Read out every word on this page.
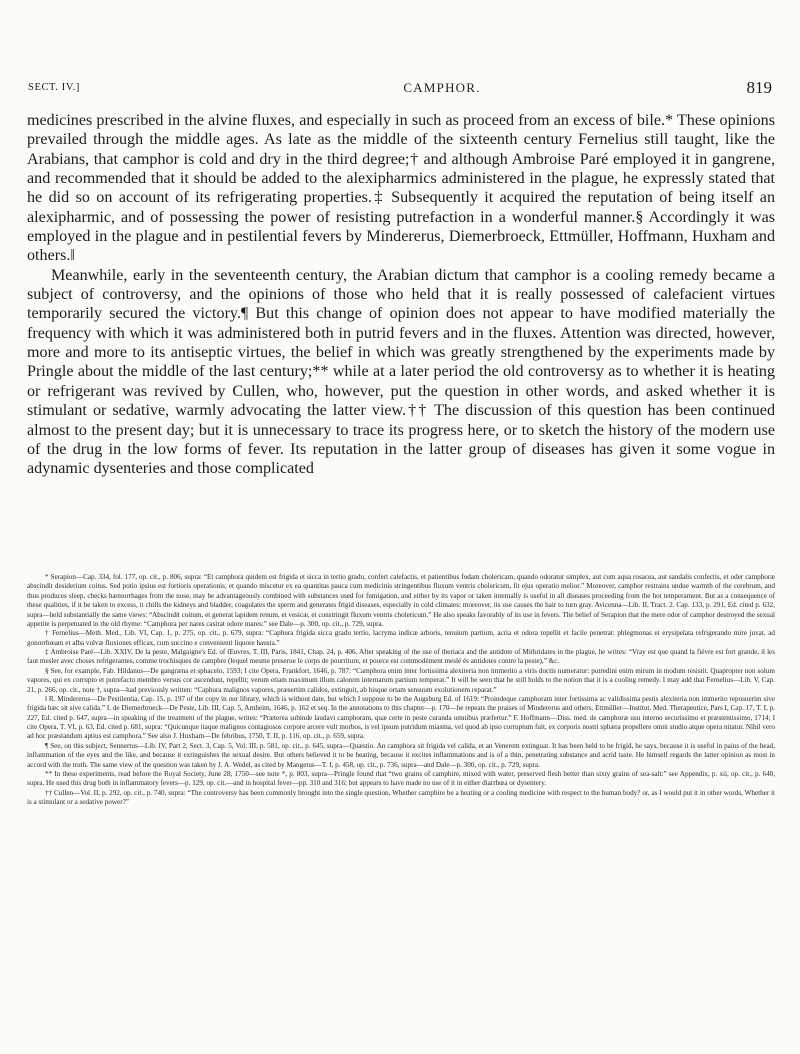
SECT. IV.]	CAMPHOR.	819

medicines prescribed in the alvine fluxes, and especially in such as proceed from an excess of bile.* These opinions prevailed through the middle ages. As late as the middle of the sixteenth century Fernelius still taught, like the Arabians, that camphor is cold and dry in the third degree;† and although Ambroise Paré employed it in gangrene, and recommended that it should be added to the alexipharmics administered in the plague, he expressly stated that he did so on account of its refrigerating properties.‡ Subsequently it acquired the reputation of being itself an alexipharmic, and of possessing the power of resisting putrefaction in a wonderful manner.§ Accordingly it was employed in the plague and in pestilential fevers by Mindererus, Diemerbroeck, Ettmüller, Hoffmann, Huxham and others.‖

Meanwhile, early in the seventeenth century, the Arabian dictum that camphor is a cooling remedy became a subject of controversy, and the opinions of those who held that it is really possessed of calefacient virtues temporarily secured the victory.¶ But this change of opinion does not appear to have modified materially the frequency with which it was administered both in putrid fevers and in the fluxes. Attention was directed, however, more and more to its antiseptic virtues, the belief in which was greatly strengthened by the experiments made by Pringle about the middle of the last century;** while at a later period the old controversy as to whether it is heating or refrigerant was revived by Cullen, who, however, put the question in other words, and asked whether it is stimulant or sedative, warmly advocating the latter view.†† The discussion of this question has been continued almost to the present day; but it is unnecessary to trace its progress here, or to sketch the history of the modern use of the drug in the low forms of fever. Its reputation in the latter group of diseases has given it some vogue in adynamic dysenteries and those complicated

* Serapion—Cap. 334, fol. 177, op. cit., p. 806, supra: “Et camphora quidem est frigida et sicca in tertio gradu, confert calefactis, et patientibus fodam cholericam, quando odoratur simplex, aut cum aqua rosacea, aut sandalis confectis, et oder camphoræ abscindit desiderium coitus. Sed potio ipsius est fortioris operationis, et quando miscetur ex ea quantitas pauca cum medicinis stringentibus fluxum ventris cholericum, fit ejus operatio melior.” Moreover, camphor restrains undue warmth of the cerebrum, and thus produces sleep, checks hæmorrhages from the nose, may be advantageously combined with substances used for fumigation, and either by its vapor or taken internally is useful in all diseases proceeding from the hot temperament. But as a consequence of these qualities, if it be taken to excess, it chills the kidneys and bladder, coagulates the sperm and generates frigid diseases, especially in cold climates: moreover, its use causes the hair to turn gray. Avicenna—Lib. II, Tract. 2. Cap. 133, p. 291, Ed. cited p. 632, supra—held substantially the same views: “Abscindit coitum, et generat lapidem renum, et vesicæ, et constringit fluxum ventris cholericum.” He also speaks favorably of its use in fevers. The belief of Serapion that the mere odor of camphor destroyed the sexual appetite is perpetuated in the old rhyme: “Camphora per nares castrat odore mares:” see Dale—p. 300, op. cit., p. 729, supra.

† Fernelius—Meth. Med., Lib. VI, Cap. 1, p. 275, op. cit., p. 679, supra: “Caphura frigida sicca gradu tertio, lacryma indicæ arboris, tenuium partium, acria et odora repellit et facile penetrat: phlegmonas et erysipelata refrigerando mire juvat, ad gonorrhœam et alba vulvæ fluxiones efficax, cum succino e convenienti liquore hausta.”

‡ Ambroise Paré—Lib. XXIV, De la peste, Malgaigne's Ed. of Œuvres, T. III, Paris, 1841, Chap. 24, p. 406. After speaking of the use of theriaca and the antidote of Mithridates in the plague, he writes: “Vray est que quand la fiévre est fort grande, il les faut mesler avec choses refrigerantes, comme trochisques de camphre (lequel mesme preserue le corps de pourriture, et pource est commodément meslé és antidotes contre la peste),” &c.

§ See, for example, Fab. Hildanus—De gangræna et sphacelo, 1593; I cite Opera, Frankfort, 1646, p. 787: “Camphora enim inter fortissima alexiteria non immerito a viris doctis numeratur: putredini enim mirum in modum resistit. Quapropter non solum vapores, qui ex corrupto et putrefacto membro versus cor ascendunt, repellit; verum etiam maximum illum calorem internarum partium temperat.” It will be seen that he still holds to the notion that it is a cooling remedy. I may add that Fernelius—Lib. V, Cap. 21, p. 266, op. cit., note †, supra—had previously written: “Caphura malignos vapores, præsertim calidos, extinguit, ab hisque ortam sensuum exolutionem reparat.”

‖ R. Mindererus—De Pestilentia, Cap. 15, p. 197 of the copy in our library, which is without date, but which I suppose to be the Augsburg Ed. of 1619: “Proindeque camphoram inter fortissima ac validissima pestis alexiteria non immerito reposuerim sive frigida hæc sit sive calida.” I. de Diemerbroeck—De Peste, Lib. III, Cap. 5, Arnheim, 1646, p. 162 et seq. In the annotations to this chapter—p. 170—he repeats the praises of Mindererus and others. Ettmüller—Institut. Med. Therapeutice, Pars I, Cap. 17, T. I, p. 227, Ed. cited p. 647, supra—in speaking of the treatment of the plague, writes: “Præterea subinde laudavi camphoram, quæ certe in peste curanda omnibus præfertur.” F. Hoffmann—Diss. med. de camphoræ usu interno securissimo et præstentissimo, 1714; I cite Opera, T. VI, p. 63, Ed. cited p. 681, supra: “Quicunque itaque malignos contagiosos corpore arcere vult morbos, is vel ipsum putridum miasma, vel quod ab ipso corruptum fuit, ex corporis nostri sphæra propellere omni studio atque opera nitatur. Nihil vero ad hoc præstandum aptius est camphora.” See also J. Huxham—De febribus, 1750, T. II, p. 116, op. cit., p. 659, supra.

¶ See, on this subject, Sennertus—Lib. IV, Part 2, Sect. 3, Cap. 5, Vol. III, p. 581, op. cit., p. 645, supra—Quæstio. An camphora sit frigida vel calida, et an Venerem extinguat. It has been held to be frigid, he says, because it is useful in pains of the head, inflammation of the eyes and the like, and because it extinguishes the sexual desire. But others believed it to be heating, because it excites inflammations and is of a thin, penetrating substance and acrid taste. He himself regards the latter opinion as most in accord with the truth. The same view of the question was taken by J. A. Wedel, as cited by Mangetus—T. I, p. 458, op. cit., p. 736, supra—and Dale—p. 300, op. cit., p. 729, supra.

** In these experiments, read before the Royal Society, June 28, 1750—see note *, p. 803, supra—Pringle found that “two grains of camphire, mixed with water, preserved flesh better than sixty grains of sea-salt:” see Appendix, p. xii, op. cit., p. 640, supra. He used this drug both in inflammatory fevers—p. 129, op. cit.—and in hospital fever—pp. 310 and 316; but appears to have made no use of it in either diarrhœa or dysentery.

†† Cullen—Vol. II, p. 292, op. cit., p. 740, supra: “The controversy has been commonly brought into the single question, Whether camphire be a heating or a cooling medicine with respect to the human body? or, as I would put it in other words, Whether it is a stimulant or a sedative power?”
